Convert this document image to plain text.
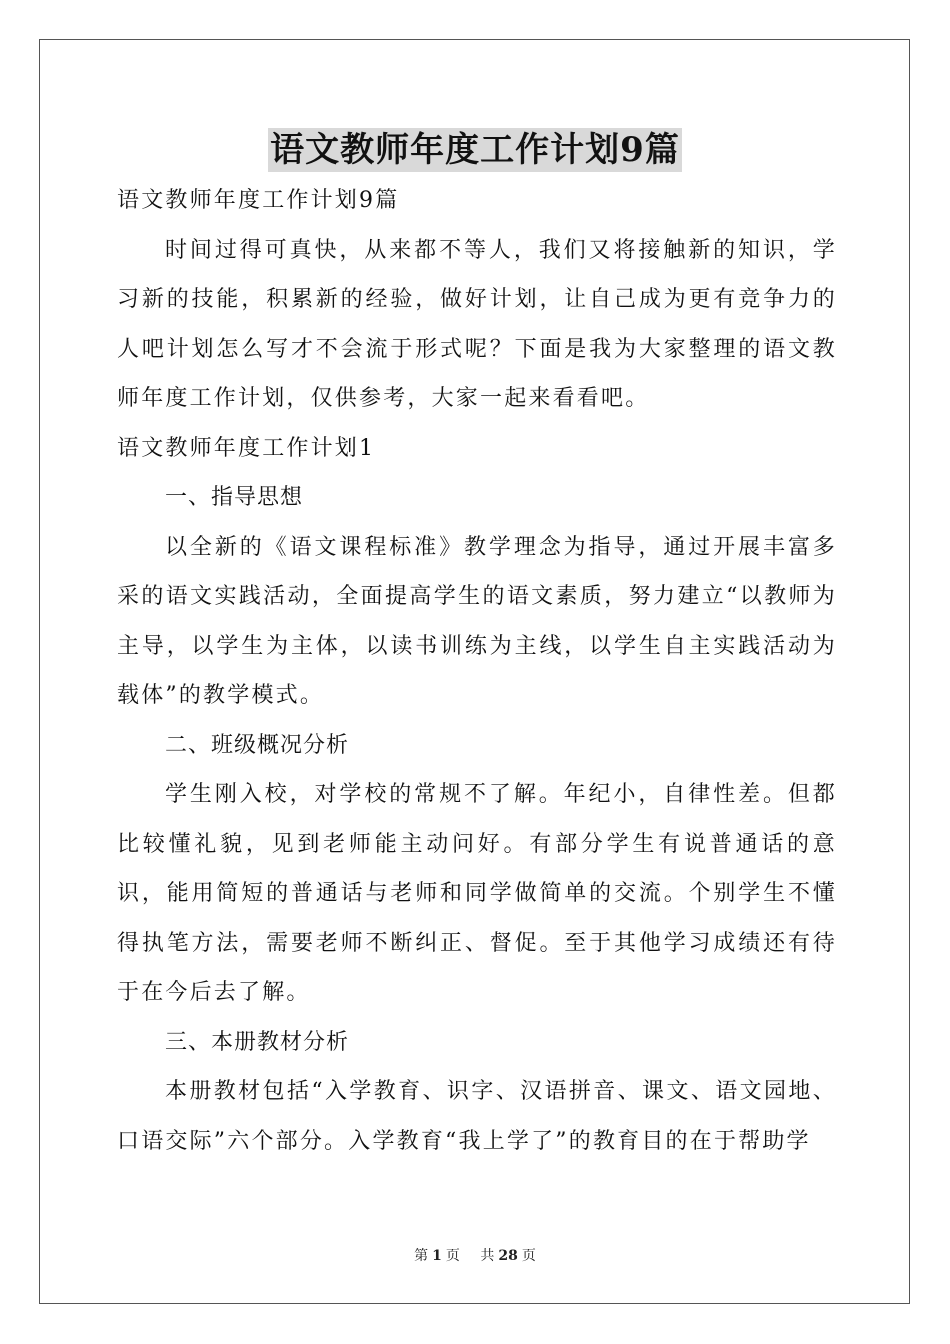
语文教师年度工作计划9篇

语文教师年度工作计划9篇

时间过得可真快，从来都不等人，我们又将接触新的知识，学习新的技能，积累新的经验，做好计划，让自己成为更有竞争力的人吧计划怎么写才不会流于形式呢？下面是我为大家整理的语文教师年度工作计划，仅供参考，大家一起来看看吧。

语文教师年度工作计划1

一、指导思想

以全新的《语文课程标准》教学理念为指导，通过开展丰富多采的语文实践活动，全面提高学生的语文素质，努力建立“以教师为主导，以学生为主体，以读书训练为主线，以学生自主实践活动为载体”的教学模式。

二、班级概况分析

学生刚入校，对学校的常规不了解。年纪小，自律性差。但都比较懂礼貌，见到老师能主动问好。有部分学生有说普通话的意识，能用简短的普通话与老师和同学做简单的交流。个别学生不懂得执笔方法，需要老师不断纠正、督促。至于其他学习成绩还有待于在今后去了解。

三、本册教材分析

本册教材包括“入学教育、识字、汉语拼音、课文、语文园地、口语交际”六个部分。入学教育“我上学了”的教育目的在于帮助学

第 1 页 共 28 页
